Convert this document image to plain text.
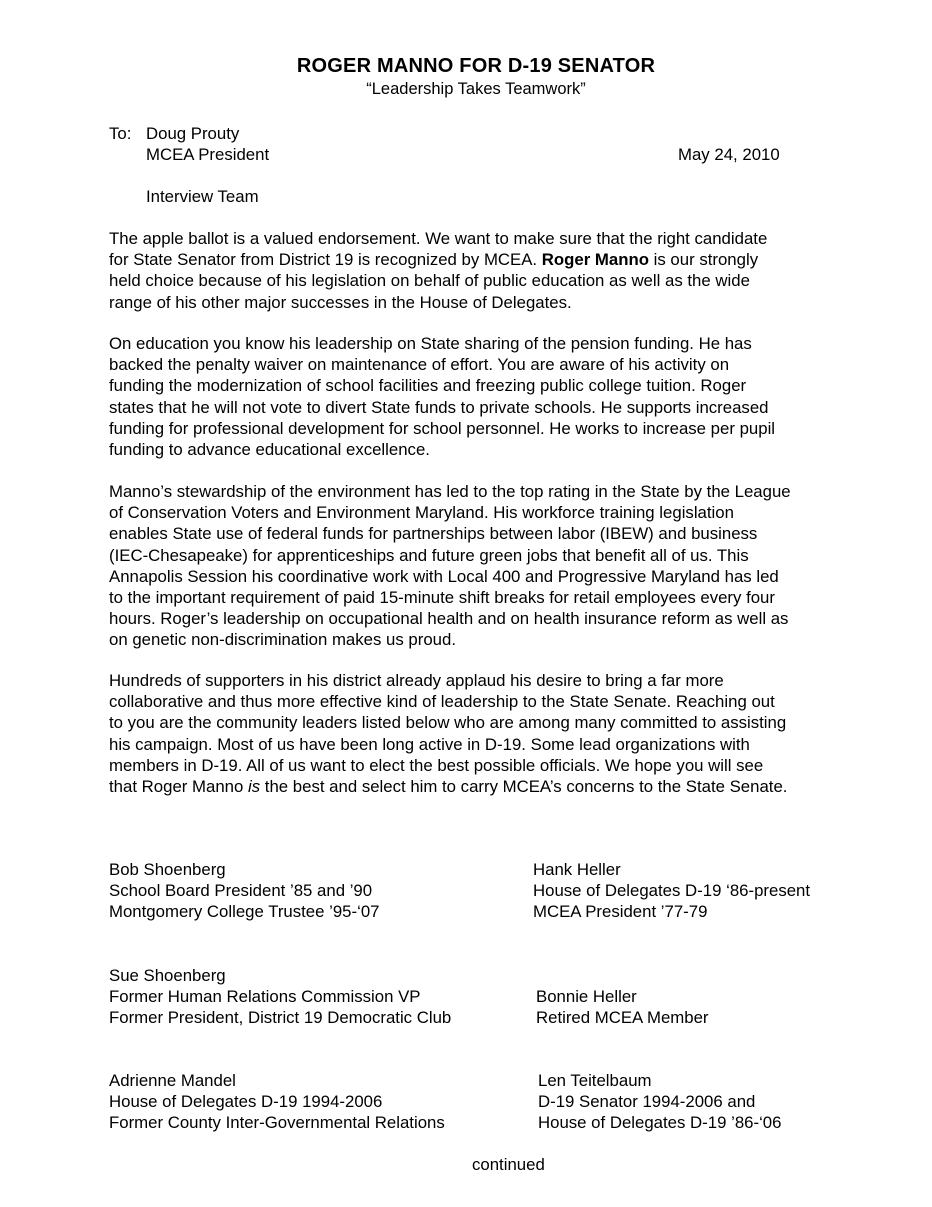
ROGER MANNO FOR D-19 SENATOR
“Leadership Takes Teamwork”
To: Doug Prouty
MCEA President	May 24, 2010
Interview Team

The apple ballot is a valued endorsement. We want to make sure that the right candidate

for State Senator from District 19 is recognized by MCEA. Roger Manno is our strongly

held choice because of his legislation on behalf of public education as well as the wide

range of his other major successes in the House of Delegates.

On education you know his leadership on State sharing of the pension funding. He has

backed the penalty waiver on maintenance of effort. You are aware of his activity on

funding the modernization of school facilities and freezing public college tuition. Roger

states that he will not vote to divert State funds to private schools. He supports increased

funding for professional development for school personnel. He works to increase per pupil

funding to advance educational excellence.

Manno’s stewardship of the environment has led to the top rating in the State by the League

of Conservation Voters and Environment Maryland. His workforce training legislation

enables State use of federal funds for partnerships between labor (IBEW) and business

(IEC-Chesapeake) for apprenticeships and future green jobs that benefit all of us. This

Annapolis Session his coordinative work with Local 400 and Progressive Maryland has led

to the important requirement of paid 15-minute shift breaks for retail employees every four

hours. Roger’s leadership on occupational health and on health insurance reform as well as

on genetic non-discrimination makes us proud.

Hundreds of supporters in his district already applaud his desire to bring a far more

collaborative and thus more effective kind of leadership to the State Senate. Reaching out

to you are the community leaders listed below who are among many committed to assisting

his campaign. Most of us have been long active in D-19. Some lead organizations with

members in D-19. All of us want to elect the best possible officials. We hope you will see

that Roger Manno is the best and select him to carry MCEA’s concerns to the State Senate.

Bob Shoenberg
School Board President ’85 and ’90
Montgomery College Trustee ’95-‘07
Hank Heller
House of Delegates D-19 ‘86-present
MCEA President ’77-79
Sue Shoenberg
Former Human Relations Commission VP
Former President, District 19 Democratic Club
Bonnie Heller
Retired MCEA Member
Adrienne Mandel
House of Delegates D-19 1994-2006
Former County Inter-Governmental Relations
Len Teitelbaum
D-19 Senator 1994-2006 and
House of Delegates D-19 ’86-‘06
continued
